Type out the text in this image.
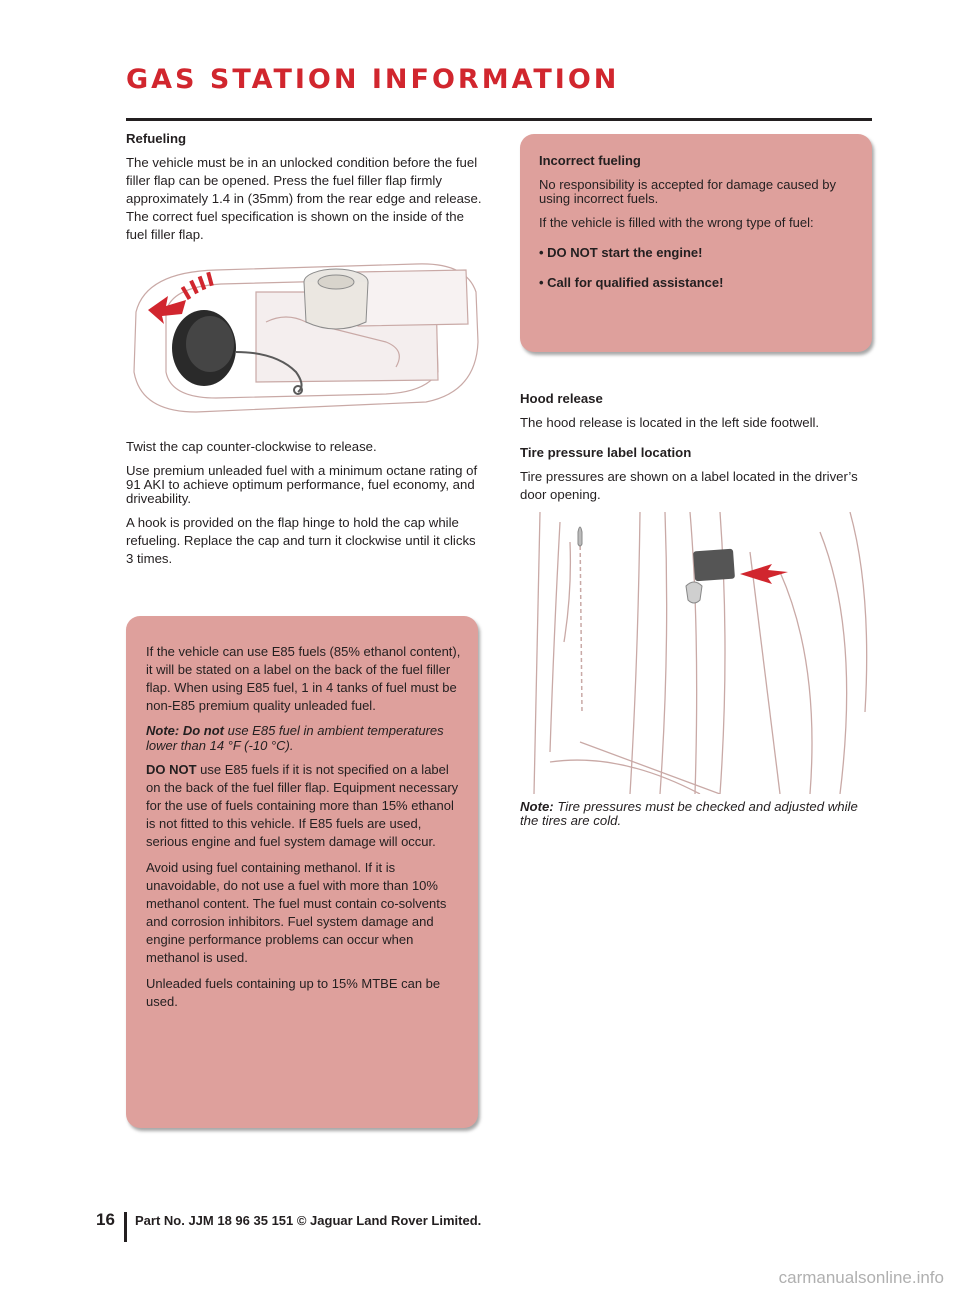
GAS STATION INFORMATION

Refueling

The vehicle must be in an unlocked condition before the fuel filler flap can be opened. Press the fuel filler flap firmly approximately 1.4 in (35mm) from the rear edge and release. The correct fuel specification is shown on the inside of the fuel filler flap.

Twist the cap counter-clockwise to release.

Use premium unleaded fuel with a minimum octane rating of 91 AKI to achieve optimum performance, fuel economy, and driveability.

A hook is provided on the flap hinge to hold the cap while refueling. Replace the cap and turn it clockwise until it clicks 3 times.

Incorrect fueling

No responsibility is accepted for damage caused by using incorrect fuels.

If the vehicle is filled with the wrong type of fuel:

• DO NOT start the engine!

• Call for qualified assistance!

If the vehicle can use E85 fuels (85% ethanol content), it will be stated on a label on the back of the fuel filler flap. When using E85 fuel, 1 in 4 tanks of fuel must be non-E85 premium quality unleaded fuel.

Note: Do not use E85 fuel in ambient temperatures lower than 14 °F (-10 °C).

DO NOT use E85 fuels if it is not specified on a label on the back of the fuel filler flap. Equipment necessary for the use of fuels containing more than 15% ethanol is not fitted to this vehicle. If E85 fuels are used, serious engine and fuel system damage will occur.

Avoid using fuel containing methanol. If it is unavoidable, do not use a fuel with more than 10% methanol content. The fuel must contain co-solvents and corrosion inhibitors. Fuel system damage and engine performance problems can occur when methanol is used.

Unleaded fuels containing up to 15% MTBE can be used.

Hood release

The hood release is located in the left side footwell.

Tire pressure label location

Tire pressures are shown on a label located in the driver’s door opening.

Note: Tire pressures must be checked and adjusted while the tires are cold.

16	Part No. JJM 18 96 35 151 © Jaguar Land Rover Limited.
carmanualsonline.info
